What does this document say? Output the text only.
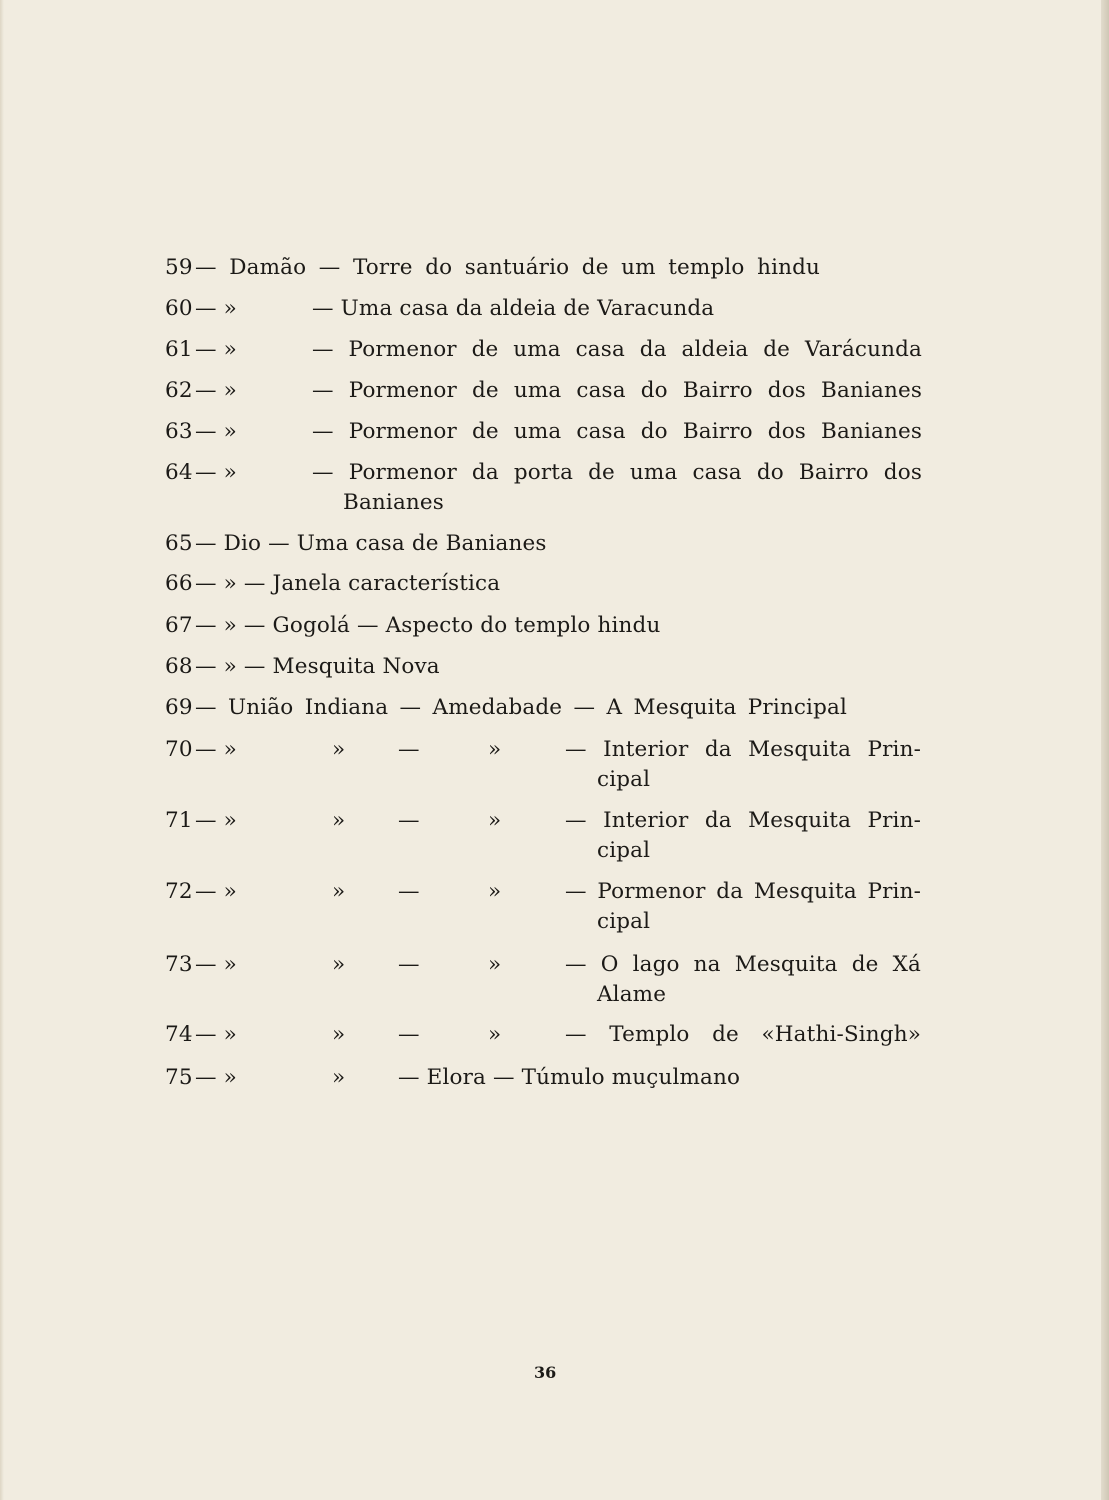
59 — Damão — Torre do santuário de um templo hindu
60 — »	— Uma casa da aldeia de Varacunda
61 — »	— Pormenor de uma casa da aldeia de Varácunda
62 — »	— Pormenor de uma casa do Bairro dos Banianes
63 — »	— Pormenor de uma casa do Bairro dos Banianes
64 — »	— Pormenor da porta de uma casa do Bairro dos
Banianes
65 — Dio — Uma casa de Banianes
66 — » — Janela característica
67 — » — Gogolá — Aspecto do templo hindu
68 — » — Mesquita Nova
69 — União Indiana — Amedabade — A Mesquita Principal
70 — »	» —	»	— Interior da Mesquita Prin-
cipal
71 — »	» —	»	— Interior da Mesquita Prin-
cipal
72 — »	» —	»	— Pormenor da Mesquita Prin-
cipal
73 — »	» —	»	— O lago na Mesquita de Xá
Alame
74 — »	» —	»	— Templo de «Hathi-Singh»
75 — »	» — Elora — Túmulo muçulmano
36
